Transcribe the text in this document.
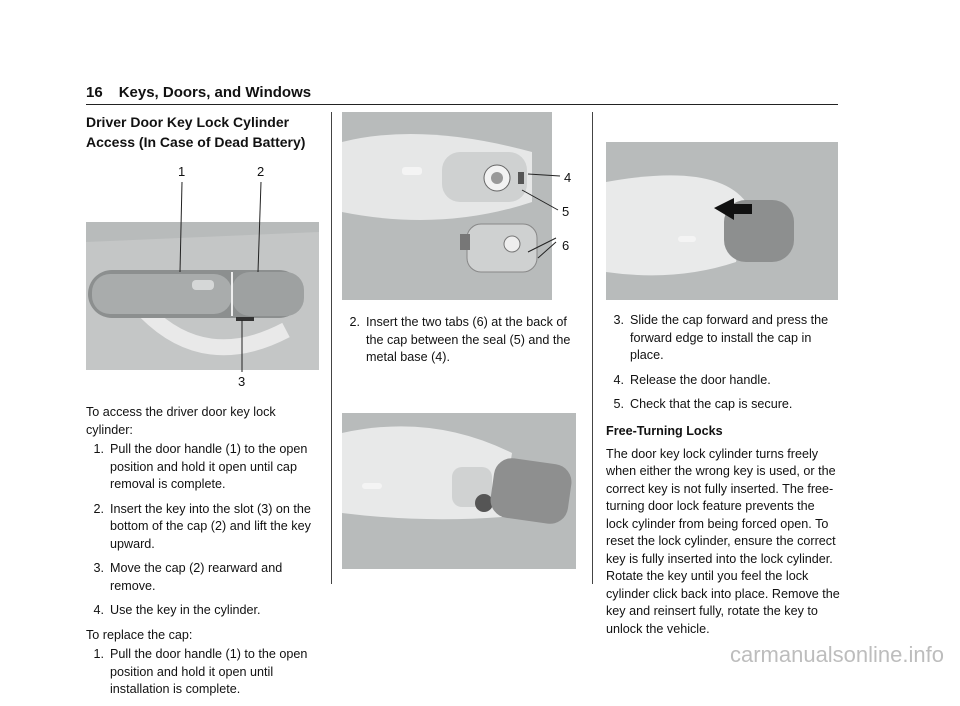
16 Keys, Doors, and Windows
Driver Door Key Lock Cylinder Access (In Case of Dead Battery)
1	2
3

To access the driver door key lock cylinder:

1. Pull the door handle (1) to the open position and hold it open until cap removal is complete.
2. Insert the key into the slot (3) on the bottom of the cap (2) and lift the key upward.
3. Move the cap (2) rearward and remove.
4. Use the key in the cylinder.

To replace the cap:

1. Pull the door handle (1) to the open position and hold it open until installation is complete.
4
5
6
2. Insert the two tabs (6) at the back of the cap between the seal (5) and the metal base (4).
3. Slide the cap forward and press the forward edge to install the cap in place.
4. Release the door handle.
5. Check that the cap is secure.
Free-Turning Locks

The door key lock cylinder turns freely when either the wrong key is used, or the correct key is not fully inserted. The free-turning door lock feature prevents the lock cylinder from being forced open. To reset the lock cylinder, ensure the correct key is fully inserted into the lock cylinder. Rotate the key until you feel the lock cylinder click back into place. Remove the key and reinsert fully, rotate the key to unlock the vehicle.

carmanualsonline.info
